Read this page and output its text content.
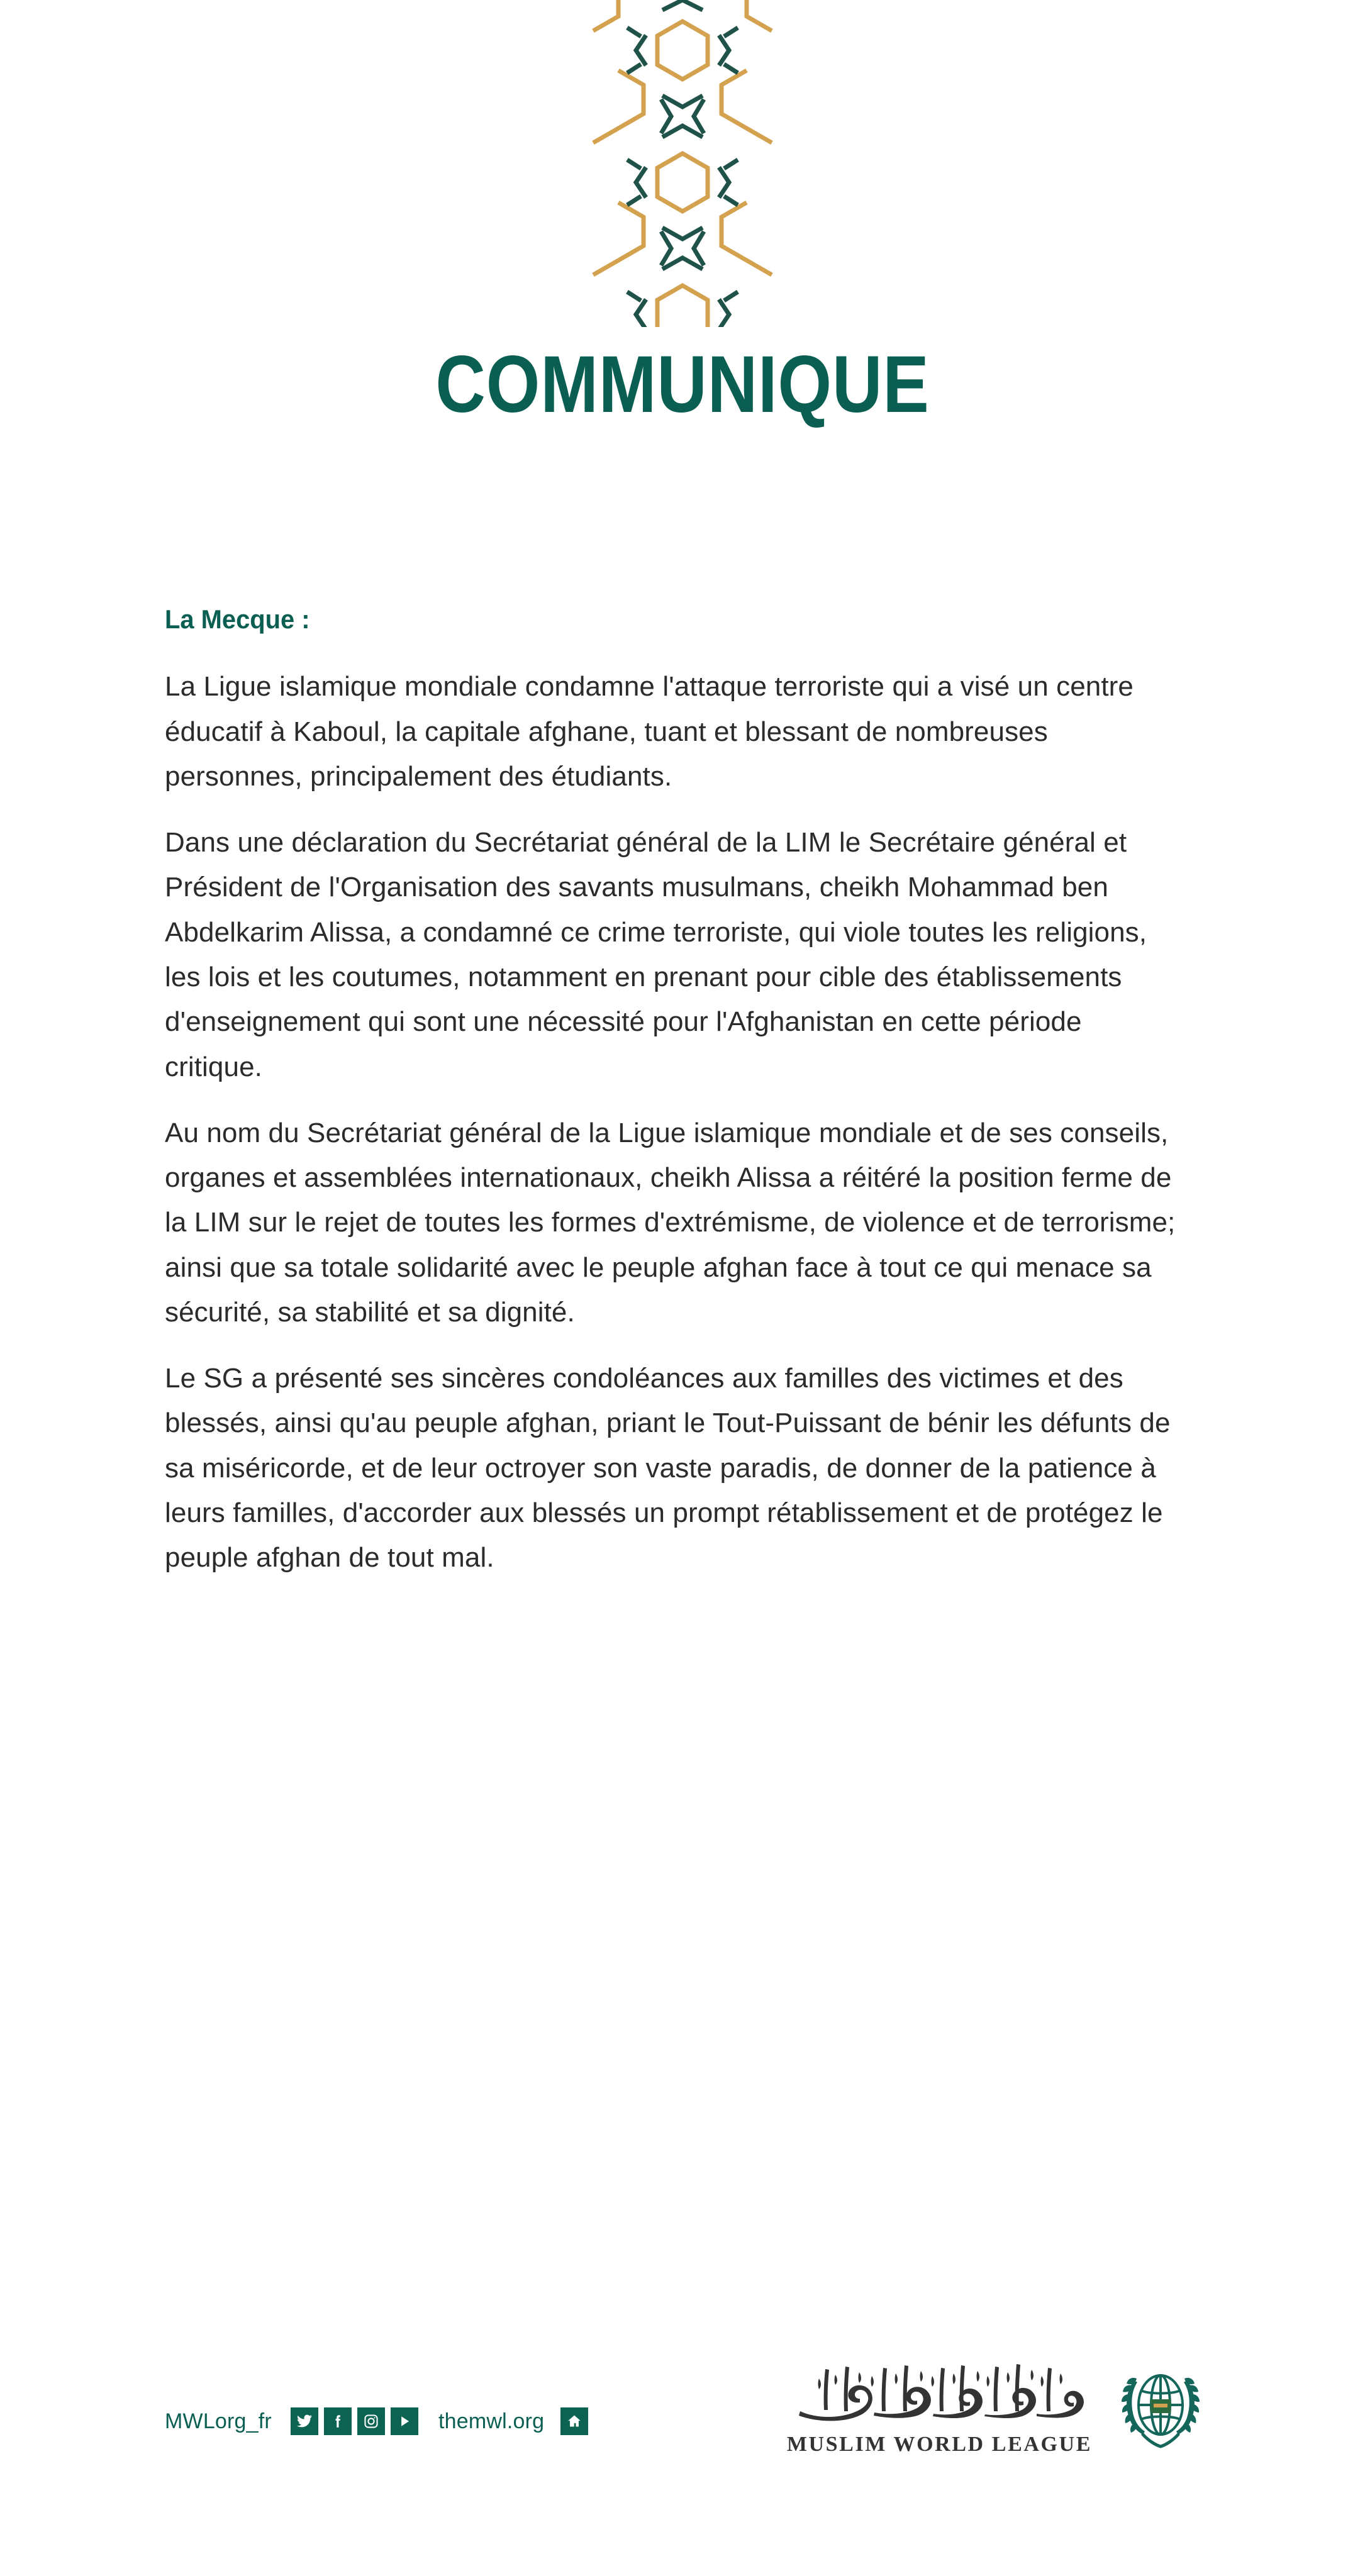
COMMUNIQUE
La Mecque :

La Ligue islamique mondiale condamne l'attaque terroriste qui a visé un centre éducatif à Kaboul, la capitale afghane, tuant et blessant de nombreuses personnes, principalement des étudiants.

Dans une déclaration du Secrétariat général de la LIM le Secrétaire général et Président de l'Organisation des savants musulmans, cheikh Mohammad ben Abdelkarim Alissa, a condamné ce crime terroriste, qui viole toutes les religions, les lois et les coutumes, notamment en prenant pour cible des établissements d'enseignement qui sont une nécessité pour l'Afghanistan en cette période critique.

Au nom du Secrétariat général de la Ligue islamique mondiale et de ses conseils, organes et assemblées internationaux, cheikh Alissa a réitéré la position ferme de la LIM sur le rejet de toutes les formes d'extrémisme, de violence et de terrorisme; ainsi que sa totale solidarité avec le peuple afghan face à tout ce qui menace sa sécurité, sa stabilité et sa dignité.

Le SG a présenté ses sincères condoléances aux familles des victimes et des blessés, ainsi qu'au peuple afghan, priant le Tout-Puissant de bénir les défunts de sa miséricorde, et de leur octroyer son vaste paradis, de donner de la patience à leurs familles, d'accorder aux blessés un prompt rétablissement et de protégez le peuple afghan de tout mal.

MWLorg_fr	themwl.org
MUSLIM WORLD LEAGUE
